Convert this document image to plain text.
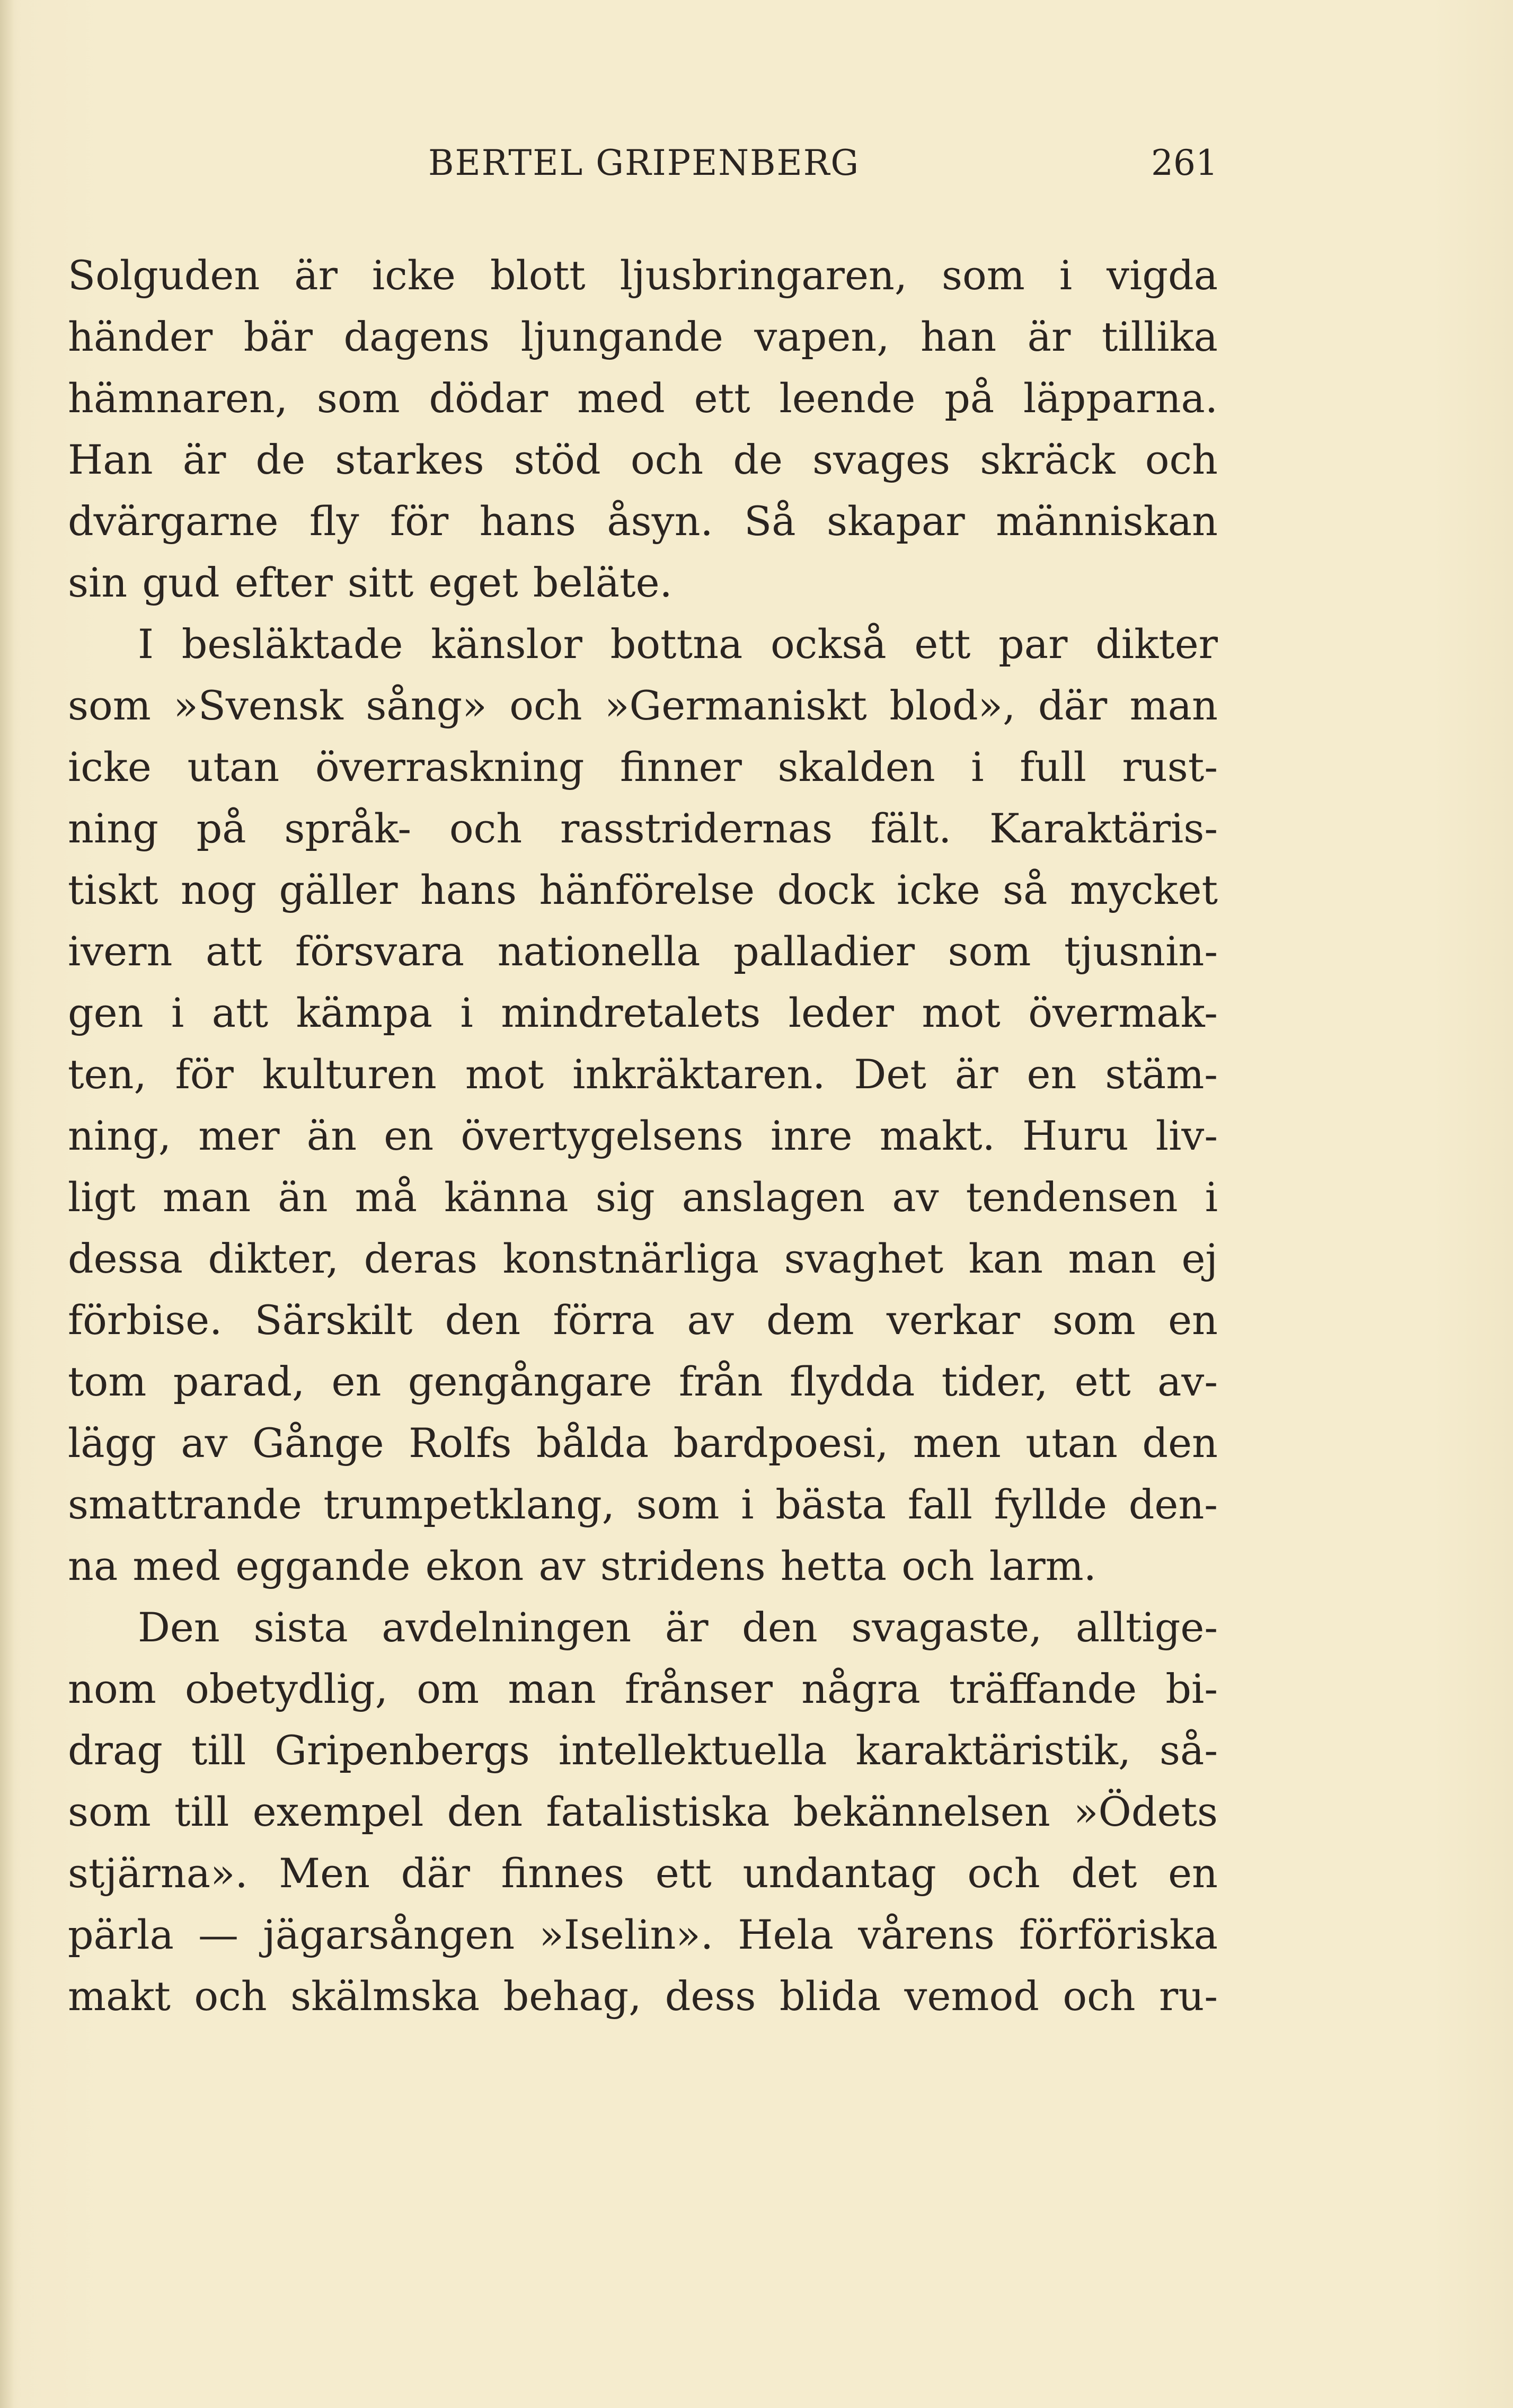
BERTEL GRIPENBERG	261
Solguden är icke blott ljusbringaren, som i vigda
händer bär dagens ljungande vapen, han är tillika
hämnaren, som dödar med ett leende på läpparna.
Han är de starkes stöd och de svages skräck och
dvärgarne fly för hans åsyn. Så skapar människan
sin gud efter sitt eget beläte.
I besläktade känslor bottna också ett par dikter
som »Svensk sång» och »Germaniskt blod», där man
icke utan överraskning finner skalden i full rust-
ning på språk- och rasstridernas fält. Karaktäris-
tiskt nog gäller hans hänförelse dock icke så mycket
ivern att försvara nationella palladier som tjusnin-
gen i att kämpa i mindretalets leder mot övermak-
ten, för kulturen mot inkräktaren. Det är en stäm-
ning, mer än en övertygelsens inre makt. Huru liv-
ligt man än må känna sig anslagen av tendensen i
dessa dikter, deras konstnärliga svaghet kan man ej
förbise. Särskilt den förra av dem verkar som en
tom parad, en gengångare från flydda tider, ett av-
lägg av Gånge Rolfs bålda bardpoesi, men utan den
smattrande trumpetklang, som i bästa fall fyllde den-
na med eggande ekon av stridens hetta och larm.
Den sista avdelningen är den svagaste, alltige-
nom obetydlig, om man frånser några träffande bi-
drag till Gripenbergs intellektuella karaktäristik, så-
som till exempel den fatalistiska bekännelsen »Ödets
stjärna». Men där finnes ett undantag och det en
pärla — jägarsången »Iselin». Hela vårens förföriska
makt och skälmska behag, dess blida vemod och ru-
